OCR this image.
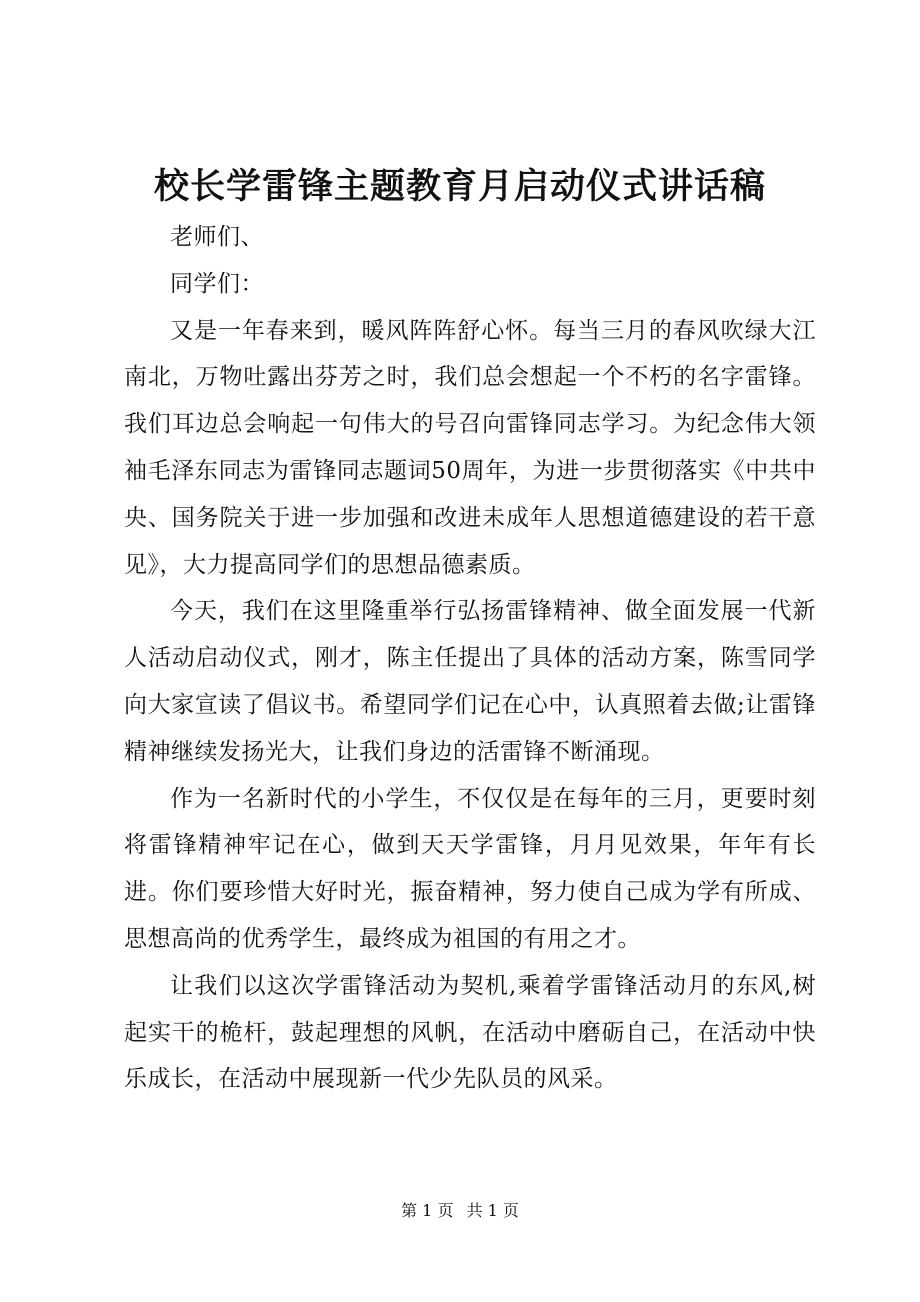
校长学雷锋主题教育月启动仪式讲话稿

老师们、

同学们：

又是一年春来到，暖风阵阵舒心怀。每当三月的春风吹绿大江南北，万物吐露出芬芳之时，我们总会想起一个不朽的名字雷锋。我们耳边总会响起一句伟大的号召向雷锋同志学习。为纪念伟大领袖毛泽东同志为雷锋同志题词50周年，为进一步贯彻落实《中共中央、国务院关于进一步加强和改进未成年人思想道德建设的若干意见》，大力提高同学们的思想品德素质。

今天，我们在这里隆重举行弘扬雷锋精神、做全面发展一代新人活动启动仪式，刚才，陈主任提出了具体的活动方案，陈雪同学向大家宣读了倡议书。希望同学们记在心中，认真照着去做;让雷锋精神继续发扬光大，让我们身边的活雷锋不断涌现。

作为一名新时代的小学生，不仅仅是在每年的三月，更要时刻将雷锋精神牢记在心，做到天天学雷锋，月月见效果，年年有长进。你们要珍惜大好时光，振奋精神，努力使自己成为学有所成、思想高尚的优秀学生，最终成为祖国的有用之才。

让我们以这次学雷锋活动为契机,乘着学雷锋活动月的东风,树起实干的桅杆，鼓起理想的风帆，在活动中磨砺自己，在活动中快乐成长，在活动中展现新一代少先队员的风采。

第 1 页 共 1 页
